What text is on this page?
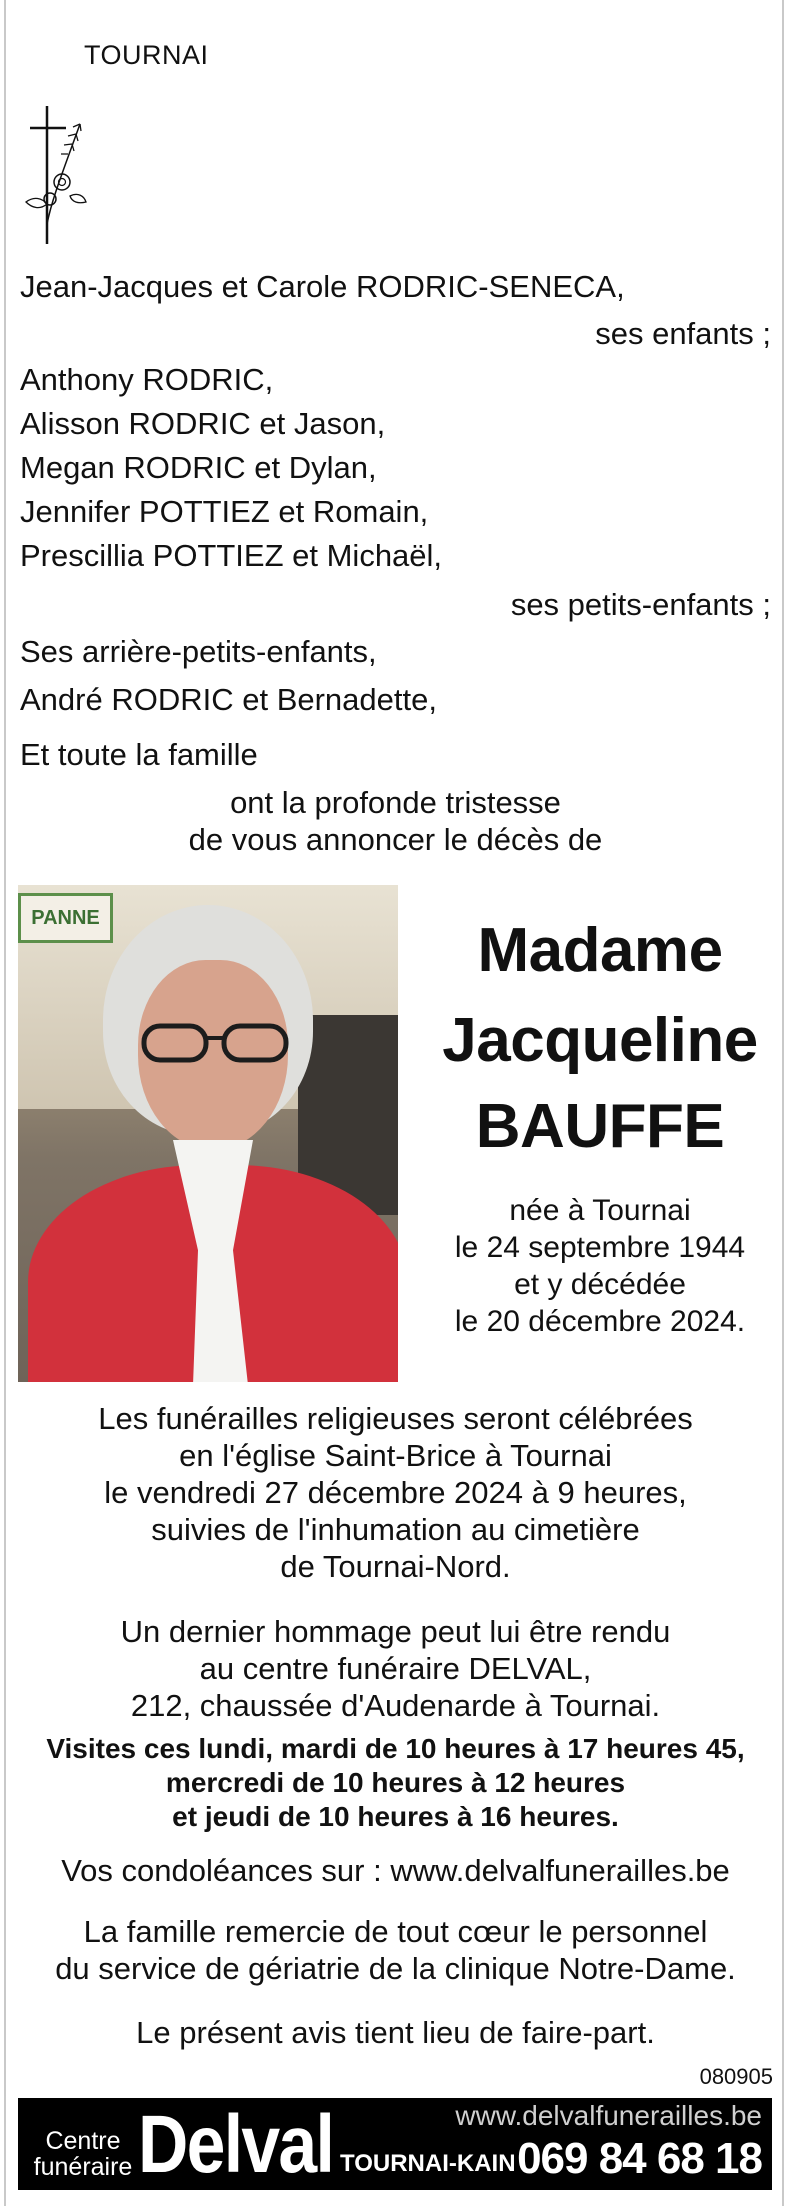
TOURNAI
Jean-Jacques et Carole RODRIC-SENECA,
ses enfants ;
Anthony RODRIC,
Alisson RODRIC et Jason,
Megan RODRIC et Dylan,
Jennifer POTTIEZ et Romain,
Prescillia POTTIEZ et Michaël,
ses petits-enfants ;
Ses arrière-petits-enfants,
André RODRIC et Bernadette,
Et toute la famille
ont la profonde tristesse
de vous annoncer le décès de
PANNE	Madame
Jacqueline
BAUFFE
née à Tournai
le 24 septembre 1944
et y décédée
le 20 décembre 2024.
Les funérailles religieuses seront célébrées
en l'église Saint-Brice à Tournai
le vendredi 27 décembre 2024 à 9 heures,
suivies de l'inhumation au cimetière
de Tournai-Nord.
Un dernier hommage peut lui être rendu
au centre funéraire DELVAL,
212, chaussée d'Audenarde à Tournai.
Visites ces lundi, mardi de 10 heures à 17 heures 45,
mercredi de 10 heures à 12 heures
et jeudi de 10 heures à 16 heures.
Vos condoléances sur : www.delvalfunerailles.be
La famille remercie de tout cœur le personnel
du service de gériatrie de la clinique Notre-Dame.
Le présent avis tient lieu de faire-part.
080905
Centre
funéraire Delval	www.delvalfunerailles.be
TOURNAI-KAIN 069 84 68 18
